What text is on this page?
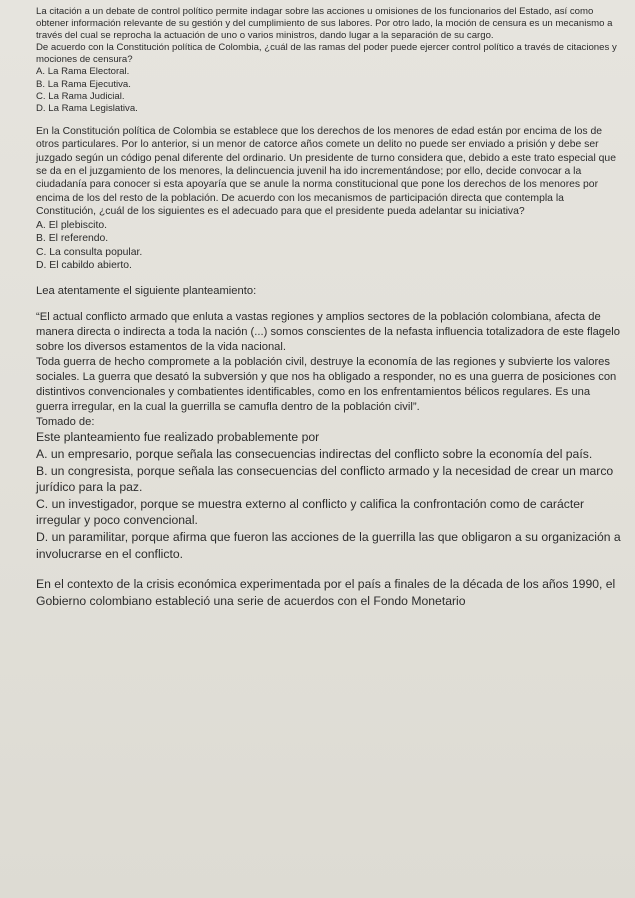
La citación a un debate de control político permite indagar sobre las acciones u omisiones de los funcionarios del Estado, así como obtener información relevante de su gestión y del cumplimiento de sus labores. Por otro lado, la moción de censura es un mecanismo a través del cual se reprocha la actuación de uno o varios ministros, dando lugar a la separación de su cargo.

De acuerdo con la Constitución política de Colombia, ¿cuál de las ramas del poder puede ejercer control político a través de citaciones y mociones de censura?

A. La Rama Electoral.

B. La Rama Ejecutiva.

C. La Rama Judicial.

D. La Rama Legislativa.

En la Constitución política de Colombia se establece que los derechos de los menores de edad están por encima de los de otros particulares. Por lo anterior, si un menor de catorce años comete un delito no puede ser enviado a prisión y debe ser juzgado según un código penal diferente del ordinario. Un presidente de turno considera que, debido a este trato especial que se da en el juzgamiento de los menores, la delincuencia juvenil ha ido incrementándose; por ello, decide convocar a la ciudadanía para conocer si esta apoyaría que se anule la norma constitucional que pone los derechos de los menores por encima de los del resto de la población. De acuerdo con los mecanismos de participación directa que contempla la Constitución, ¿cuál de los siguientes es el adecuado para que el presidente pueda adelantar su iniciativa?

A. El plebiscito.

B. El referendo.

C. La consulta popular.

D. El cabildo abierto.

Lea atentamente el siguiente planteamiento:

“El actual conflicto armado que enluta a vastas regiones y amplios sectores de la población colombiana, afecta de manera directa o indirecta a toda la nación (...) somos conscientes de la nefasta influencia totalizadora de este flagelo sobre los diversos estamentos de la vida nacional.

Toda guerra de hecho compromete a la población civil, destruye la economía de las regiones y subvierte los valores sociales. La guerra que desató la subversión y que nos ha obligado a responder, no es una guerra de posiciones con distintivos convencionales y combatientes identificables, como en los enfrentamientos bélicos regulares. Es una guerra irregular, en la cual la guerrilla se camufla dentro de la población civil”.

Tomado de:

Este planteamiento fue realizado probablemente por

A. un empresario, porque señala las consecuencias indirectas del conflicto sobre la economía del país.

B. un congresista, porque señala las consecuencias del conflicto armado y la necesidad de crear un marco jurídico para la paz.

C. un investigador, porque se muestra externo al conflicto y califica la confrontación como de carácter irregular y poco convencional.

D. un paramilitar, porque afirma que fueron las acciones de la guerrilla las que obligaron a su organización a involucrarse en el conflicto.

En el contexto de la crisis económica experimentada por el país a finales de la década de los años 1990, el Gobierno colombiano estableció una serie de acuerdos con el Fondo Monetario
